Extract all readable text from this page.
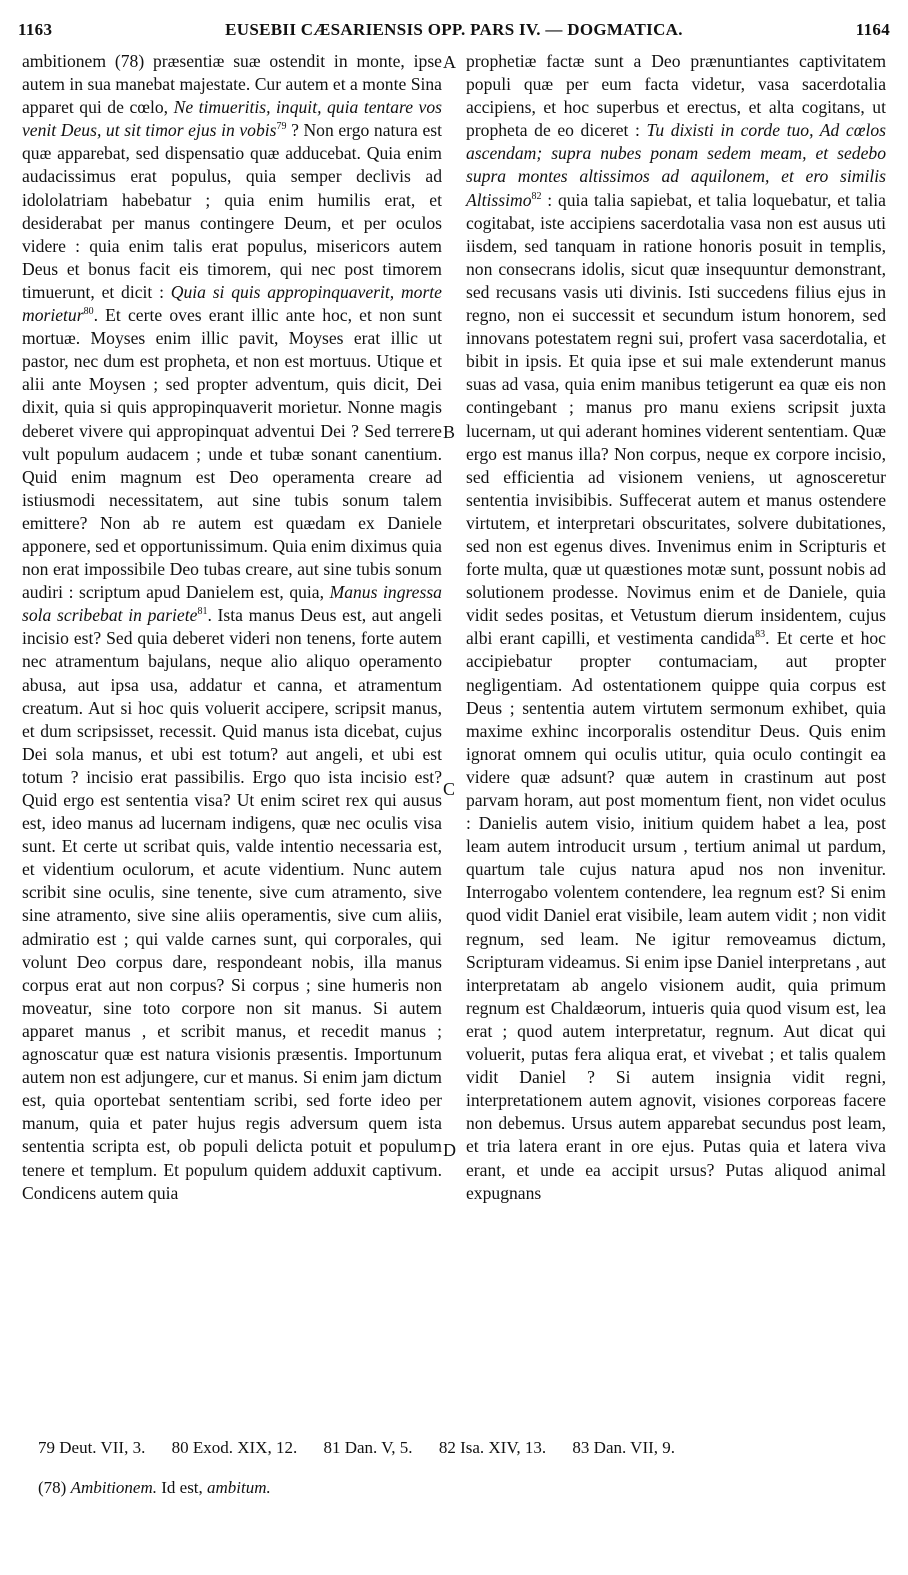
1163	EUSEBII CÆSARIENSIS OPP. PARS IV. — DOGMATICA.	1164
A
B
C
D

ambitionem (78) præsentiæ suæ ostendit in monte, ipse autem in sua manebat majestate. Cur autem et a monte Sina apparet qui de cœlo, Ne timueritis, inquit, quia tentare vos venit Deus, ut sit timor ejus in vobis$^{79}$ ? Non ergo natura est quæ apparebat, sed dispensatio quæ adducebat. Quia enim audacissimus erat populus, quia semper declivis ad idololatriam habebatur ; quia enim humilis erat, et desiderabat per manus contingere Deum, et per oculos videre : quia enim talis erat populus, misericors autem Deus et bonus facit eis timorem, qui nec post timorem timuerunt, et dicit : Quia si quis appropinquaverit, morte morietur$^{80}$. Et certe oves erant illic ante hoc, et non sunt mortuæ. Moyses enim illic pavit, Moyses erat illic ut pastor, nec dum est propheta, et non est mortuus. Utique et alii ante Moysen ; sed propter adventum, quis dicit, Dei dixit, quia si quis appropinquaverit morietur. Nonne magis deberet vivere qui appropinquat adventui Dei ? Sed terrere vult populum audacem ; unde et tubæ sonant canentium. Quid enim magnum est Deo operamenta creare ad istiusmodi necessitatem, aut sine tubis sonum talem emittere? Non ab re autem est quædam ex Daniele apponere, sed et opportunissimum. Quia enim diximus quia non erat impossibile Deo tubas creare, aut sine tubis sonum audiri : scriptum apud Danielem est, quia, Manus ingressa sola scribebat in pariete$^{81}$. Ista manus Deus est, aut angeli incisio est? Sed quia deberet videri non tenens, forte autem nec atramentum bajulans, neque alio aliquo operamento abusa, aut ipsa usa, addatur et canna, et atramentum creatum. Aut si hoc quis voluerit accipere, scripsit manus, et dum scripsisset, recessit. Quid manus ista dicebat, cujus Dei sola manus, et ubi est totum? aut angeli, et ubi est totum ? incisio erat passibilis. Ergo quo ista incisio est? Quid ergo est sententia visa? Ut enim sciret rex qui ausus est, ideo manus ad lucernam indigens, quæ nec oculis visa sunt. Et certe ut scribat quis, valde intentio necessaria est, et videntium oculorum, et acute videntium. Nunc autem scribit sine oculis, sine tenente, sive cum atramento, sive sine atramento, sive sine aliis operamentis, sive cum aliis, admiratio est ; qui valde carnes sunt, qui corporales, qui volunt Deo corpus dare, respondeant nobis, illa manus corpus erat aut non corpus? Si corpus ; sine humeris non moveatur, sine toto corpore non sit manus. Si autem apparet manus , et scribit manus, et recedit manus ; agnoscatur quæ est natura visionis præsentis. Importunum autem non est adjungere, cur et manus. Si enim jam dictum est, quia oportebat sententiam scribi, sed forte ideo per manum, quia et pater hujus regis adversum quem ista sententia scripta est, ob populi delicta potuit et populum tenere et templum. Et populum quidem adduxit captivum. Condicens autem quia

prophetiæ factæ sunt a Deo prænuntiantes captivitatem populi quæ per eum facta videtur, vasa sacerdotalia accipiens, et hoc superbus et erectus, et alta cogitans, ut propheta de eo diceret : Tu dixisti in corde tuo, Ad cœlos ascendam; supra nubes ponam sedem meam, et sedebo supra montes altissimos ad aquilonem, et ero similis Altissimo$^{82}$ : quia talia sapiebat, et talia loquebatur, et talia cogitabat, iste accipiens sacerdotalia vasa non est ausus uti iisdem, sed tanquam in ratione honoris posuit in templis, non consecrans idolis, sicut quæ insequuntur demonstrant, sed recusans vasis uti divinis. Isti succedens filius ejus in regno, non ei successit et secundum istum honorem, sed innovans potestatem regni sui, profert vasa sacerdotalia, et bibit in ipsis. Et quia ipse et sui male extenderunt manus suas ad vasa, quia enim manibus tetigerunt ea quæ eis non contingebant ; manus pro manu exiens scripsit juxta lucernam, ut qui aderant homines viderent sententiam. Quæ ergo est manus illa? Non corpus, neque ex corpore incisio, sed efficientia ad visionem veniens, ut agnosceretur sententia invisibibis. Suffecerat autem et manus ostendere virtutem, et interpretari obscuritates, solvere dubitationes, sed non est egenus dives. Invenimus enim in Scripturis et forte multa, quæ ut quæstiones motæ sunt, possunt nobis ad solutionem prodesse. Novimus enim et de Daniele, quia vidit sedes positas, et Vetustum dierum insidentem, cujus albi erant capilli, et vestimenta candida$^{83}$. Et certe et hoc accipiebatur propter contumaciam, aut propter negligentiam. Ad ostentationem quippe quia corpus est Deus ; sententia autem virtutem sermonum exhibet, quia maxime exhinc incorporalis ostenditur Deus. Quis enim ignorat omnem qui oculis utitur, quia oculo contingit ea videre quæ adsunt? quæ autem in crastinum aut post parvam horam, aut post momentum fient, non videt oculus : Danielis autem visio, initium quidem habet a lea, post leam autem introducit ursum , tertium animal ut pardum, quartum tale cujus natura apud nos non invenitur. Interrogabo volentem contendere, lea regnum est? Si enim quod vidit Daniel erat visibile, leam autem vidit ; non vidit regnum, sed leam. Ne igitur removeamus dictum, Scripturam videamus. Si enim ipse Daniel interpretans , aut interpretatam ab angelo visionem audit, quia primum regnum est Chaldæorum, intueris quia quod visum est, lea erat ; quod autem interpretatur, regnum. Aut dicat qui voluerit, putas fera aliqua erat, et vivebat ; et talis qualem vidit Daniel ? Si autem insignia vidit regni, interpretationem autem agnovit, visiones corporeas facere non debemus. Ursus autem apparebat secundus post leam, et tria latera erant in ore ejus. Putas quia et latera viva erant, et unde ea accipit ursus? Putas aliquod animal expugnans

79 Deut. VII, 3. 80 Exod. XIX, 12. 81 Dan. V, 5. 82 Isa. XIV, 13. 83 Dan. VII, 9.
(78) Ambitionem. Id est, ambitum.
